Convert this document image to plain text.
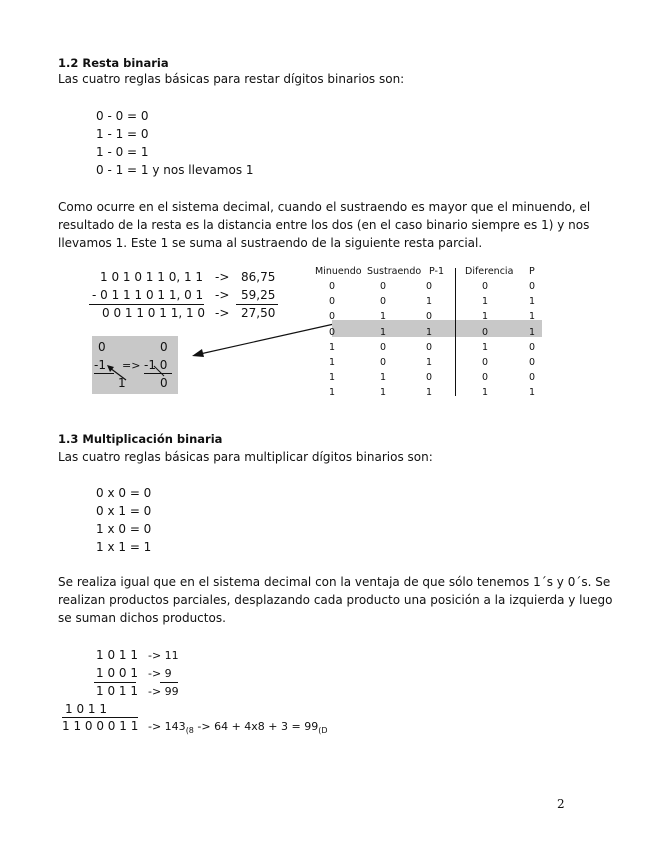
1.2 Resta binaria
Las cuatro reglas básicas para restar dígitos binarios son:
0 - 0 = 0
1 - 1 = 0
1 - 0 = 1
0 - 1 = 1 y nos llevamos 1
Como ocurre en el sistema decimal, cuando el sustraendo es mayor que el minuendo, el
resultado de la resta es la distancia entre los dos (en el caso binario siempre es 1) y nos
llevamos 1. Este 1 se suma al sustraendo de la siguiente resta parcial.
1 0 1 0 1 1 0, 1 1 -> 86,75
- 0 1 1 1 0 1 1, 0 1 -> 59,25
0 0 1 1 0 1 1, 1 0 -> 27,50
0	0
-1 => -1 0
1	0
Minuendo Sustraendo P-1 Diferencia P
0	0	0	0	0
0	0	1	1	1
0	1	0	1	1
0	1	1	0	1
1	0	0	1	0
1	0	1	0	0
1	1	0	0	0
1	1	1	1	1
1.3 Multiplicación binaria
Las cuatro reglas básicas para multiplicar dígitos binarios son:
0 x 0 = 0
0 x 1 = 0
1 x 0 = 0
1 x 1 = 1
Se realiza igual que en el sistema decimal con la ventaja de que sólo tenemos 1´s y 0´s. Se
realizan productos parciales, desplazando cada producto una posición a la izquierda y luego
se suman dichos productos.
1 0 1 1 -> 11
1 0 0 1 -> 9
1 0 1 1 -> 99
1 0 1 1
1 1 0 0 0 1 $1 -> 143_{(8} -> 64 + 4x8 + 3 = 99_{(D}$
2
